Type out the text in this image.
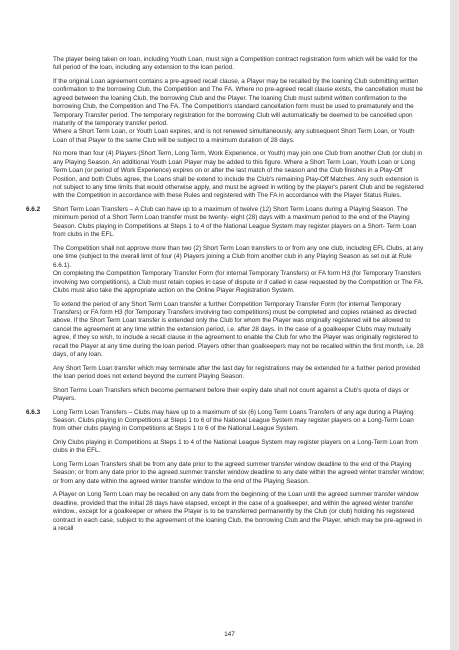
The player being taken on loan, including Youth Loan, must sign a Competition contract registration form which will be valid for the full period of the loan, including any extension to the loan period.

If the original Loan agreement contains a pre-agreed recall clause, a Player may be recalled by the loaning Club submitting written confirmation to the borrowing Club, the Competition and The FA. Where no pre-agreed recall clause exists, the cancellation must be agreed between the loaning Club, the borrowing Club and the Player. The loaning Club must submit written confirmation to the borrowing Club, the Competition and The FA. The Competition's standard cancellation form must be used to prematurely end the Temporary Transfer period. The temporary registration for the borrowing Club will automatically be deemed to be cancelled upon maturity of the temporary transfer period.

Where a Short Term Loan, or Youth Loan expires, and is not renewed simultaneously, any subsequent Short Term Loan, or Youth Loan of that Player to the same Club will be subject to a minimum duration of 28 days.

No more than four (4) Players (Short Term, Long Term, Work Experience, or Youth) may join one Club from another Club (or club) in any Playing Season. An additional Youth Loan Player may be added to this figure. Where a Short Term Loan, Youth Loan or Long Term Loan (or period of Work Experience) expires on or after the last match of the season and the Club finishes in a Play-Off Position, and both Clubs agree, the Loans shall be extend to include the Club's remaining Play-Off Matches. Any such extension is not subject to any time limits that would otherwise apply, and must be agreed in writing by the player's parent Club and be registered with the Competition in accordance with these Rules and registered with The FA in accordance with the Player Status Rules.

6.6.2 Short Term Loan Transfers – A Club can have up to a maximum of twelve (12) Short Term Loans during a Playing Season. The minimum period of a Short Term Loan transfer must be twenty- eight (28) days with a maximum period to the end of the Playing Season. Clubs playing in Competitions at Steps 1 to 4 of the National League System may register players on a Short- Term Loan from clubs in the EFL.

The Competition shall not approve more than two (2) Short Term Loan transfers to or from any one club, including EFL Clubs, at any one time (subject to the overall limit of four (4) Players joining a Club from another club in any Playing Season as set out at Rule 6.6.1).

On completing the Competition Temporary Transfer Form (for internal Temporary Transfers) or FA form H3 (for Temporary Transfers involving two competitions), a Club must retain copies in case of dispute or if called in case requested by the Competition or The FA. Clubs must also take the appropriate action on the Online Player Registration System.

To extend the period of any Short Term Loan transfer a further Competition Temporary Transfer Form (for internal Temporary Transfers) or FA form H3 (for Temporary Transfers involving two competitions) must be completed and copies retained as directed above. If the Short Term Loan transfer is extended only the Club for whom the Player was originally registered will be allowed to cancel the agreement at any time within the extension period, i.e. after 28 days. In the case of a goalkeeper Clubs may mutually agree, if they so wish, to include a recall clause in the agreement to enable the Club for who the Player was originally registered to recall the Player at any time during the loan period. Players other than goalkeepers may not be recalled within the first month, i.e. 28 days, of any loan.

Any Short Term Loan transfer which may terminate after the last day for registrations may be extended for a further period provided the loan period does not extend beyond the current Playing Season.

Short Terms Loan Transfers which become permanent before their expiry date shall not count against a Club's quota of days or Players.

6.6.3 Long Term Loan Transfers – Clubs may have up to a maximum of six (6) Long Term Loans Transfers of any age during a Playing Season. Clubs playing in Competitions at Steps 1 to 6 of the National League System may register players on a Long-Term Loan from other clubs playing in Competitions at Steps 1 to 6 of the National League System.

Only Clubs playing in Competitions at Steps 1 to 4 of the National League System may register players on a Long-Term Loan from clubs in the EFL.

Long Term Loan Transfers shall be from any date prior to the agreed summer transfer window deadline to the end of the Playing Season; or from any date prior to the agreed summer transfer window deadline to any date within the agreed winter transfer window; or from any date within the agreed winter transfer window to the end of the Playing Season.

A Player on Long Term Loan may be recalled on any date from the beginning of the Loan until the agreed summer transfer window deadline, provided that the initial 28 days have elapsed, except in the case of a goalkeeper, and within the agreed winter transfer window., except for a goalkeeper or where the Player is to be transferred permanently by the Club (or club) holding his registered contract in each case, subject to the agreement of the loaning Club, the borrowing Club and the Player, which may be pre-agreed in a recall

147
